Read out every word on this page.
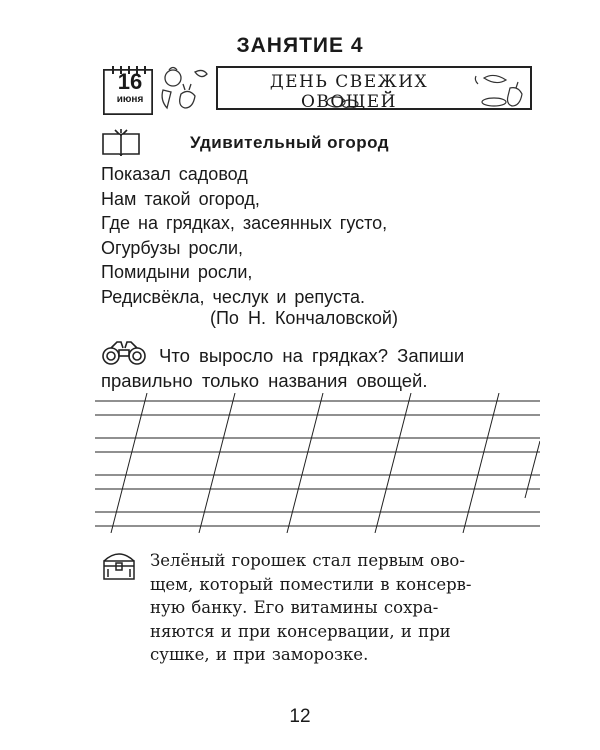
ЗАНЯТИЕ 4
16
июня
ДЕНЬ СВЕЖИХ ОВОЩЕЙ
Удивительный огород
Показал садовод
Нам такой огород,
Где на грядках, засеянных густо,
Огурбузы росли,
Помидыни росли,
Редисвёкла, чеслук и репуста.
(По Н. Кончаловской)
Что выросло на грядках? Запиши правильно только названия овощей.
Зелёный горошек стал первым ово-
щем, который поместили в консерв-
ную банку. Его витамины сохра-
няются и при консервации, и при
сушке, и при заморозке.
12
